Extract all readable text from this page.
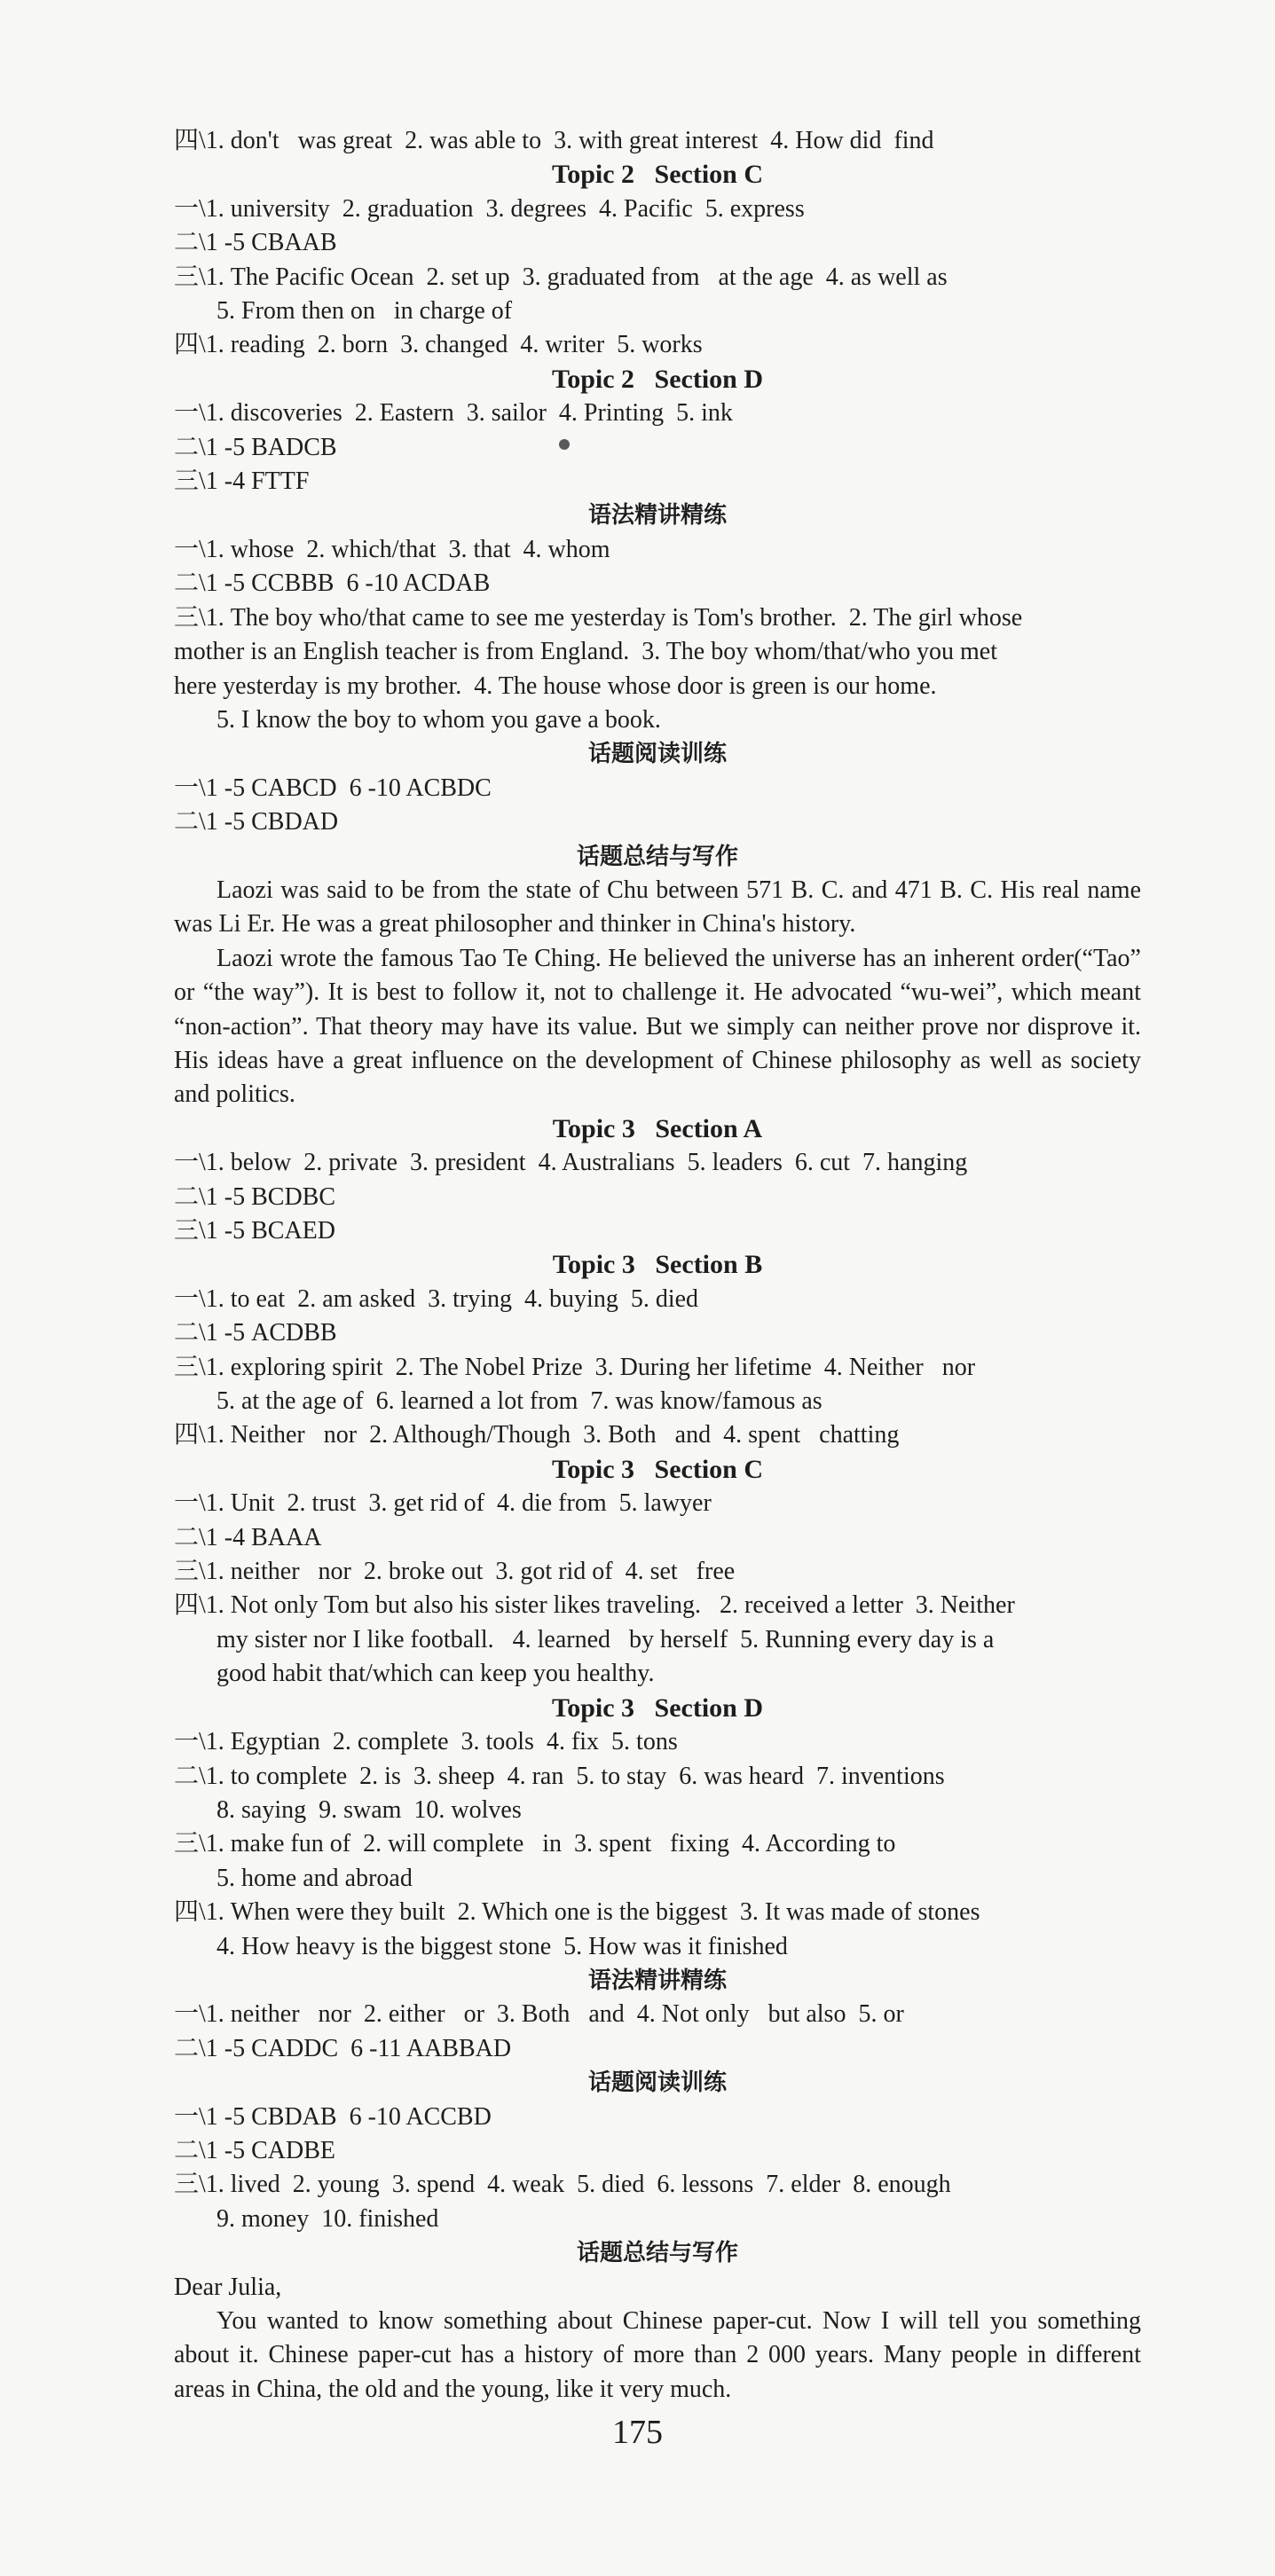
四\1. don't   was great  2. was able to  3. with great interest  4. How did  find
Topic 2   Section C
一\1. university  2. graduation  3. degrees  4. Pacific  5. express
二\1 -5 CBAAB
三\1. The Pacific Ocean  2. set up  3. graduated from   at the age  4. as well as
5. From then on   in charge of
四\1. reading  2. born  3. changed  4. writer  5. works
Topic 2   Section D
一\1. discoveries  2. Eastern  3. sailor  4. Printing  5. ink
二\1 -5 BADCB
三\1 -4 FTTF
语法精讲精练
一\1. whose  2. which/that  3. that  4. whom
二\1 -5 CCBBB  6 -10 ACDAB
三\1. The boy who/that came to see me yesterday is Tom's brother.  2. The girl whose
mother is an English teacher is from England.  3. The boy whom/that/who you met
here yesterday is my brother.  4. The house whose door is green is our home.
5. I know the boy to whom you gave a book.
话题阅读训练
一\1 -5 CABCD  6 -10 ACBDC
二\1 -5 CBDAD
话题总结与写作
Laozi was said to be from the state of Chu between 571 B. C. and 471 B. C. His real name was Li Er. He was a great philosopher and thinker in China's history.
Laozi wrote the famous Tao Te Ching. He believed the universe has an inherent order(“Tao” or “the way”). It is best to follow it, not to challenge it. He advocated “wu-wei”, which meant “non-action”. That theory may have its value. But we simply can neither prove nor disprove it. His ideas have a great influence on the development of Chinese philosophy as well as society and politics.
Topic 3   Section A
一\1. below  2. private  3. president  4. Australians  5. leaders  6. cut  7. hanging
二\1 -5 BCDBC
三\1 -5 BCAED
Topic 3   Section B
一\1. to eat  2. am asked  3. trying  4. buying  5. died
二\1 -5 ACDBB
三\1. exploring spirit  2. The Nobel Prize  3. During her lifetime  4. Neither   nor
5. at the age of  6. learned a lot from  7. was know/famous as
四\1. Neither   nor  2. Although/Though  3. Both   and  4. spent   chatting
Topic 3   Section C
一\1. Unit  2. trust  3. get rid of  4. die from  5. lawyer
二\1 -4 BAAA
三\1. neither   nor  2. broke out  3. got rid of  4. set   free
四\1. Not only Tom but also his sister likes traveling.   2. received a letter  3. Neither
my sister nor I like football.   4. learned   by herself  5. Running every day is a
good habit that/which can keep you healthy.
Topic 3   Section D
一\1. Egyptian  2. complete  3. tools  4. fix  5. tons
二\1. to complete  2. is  3. sheep  4. ran  5. to stay  6. was heard  7. inventions
8. saying  9. swam  10. wolves
三\1. make fun of  2. will complete   in  3. spent   fixing  4. According to
5. home and abroad
四\1. When were they built  2. Which one is the biggest  3. It was made of stones
4. How heavy is the biggest stone  5. How was it finished
语法精讲精练
一\1. neither   nor  2. either   or  3. Both   and  4. Not only   but also  5. or
二\1 -5 CADDC  6 -11 AABBAD
话题阅读训练
一\1 -5 CBDAB  6 -10 ACCBD
二\1 -5 CADBE
三\1. lived  2. young  3. spend  4. weak  5. died  6. lessons  7. elder  8. enough
9. money  10. finished
话题总结与写作
Dear Julia,
You wanted to know something about Chinese paper-cut. Now I will tell you something about it. Chinese paper-cut has a history of more than 2 000 years. Many people in different areas in China, the old and the young, like it very much.
175
